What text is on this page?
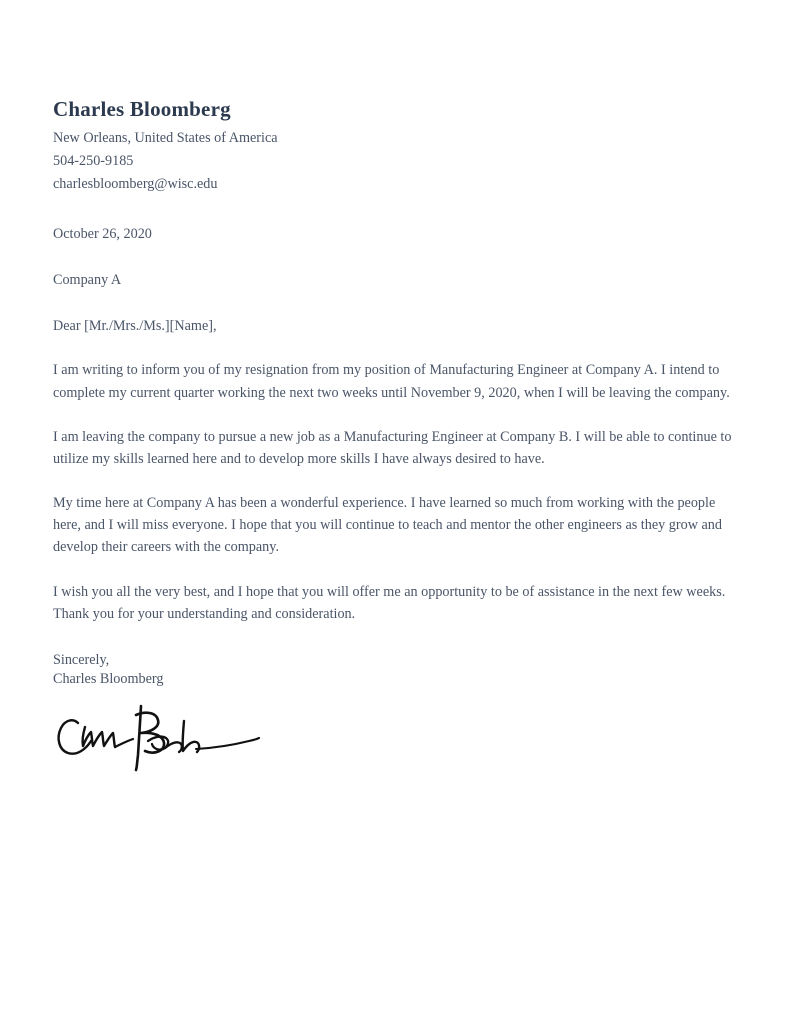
Charles Bloomberg

New Orleans, United States of America

504-250-9185

charlesbloomberg@wisc.edu

October 26, 2020

Company A

Dear [Mr./Mrs./Ms.][Name],

I am writing to inform you of my resignation from my position of Manufacturing Engineer at Company A. I intend to complete my current quarter working the next two weeks until November 9, 2020, when I will be leaving the company.

I am leaving the company to pursue a new job as a Manufacturing Engineer at Company B. I will be able to continue to utilize my skills learned here and to develop more skills I have always desired to have.

My time here at Company A has been a wonderful experience. I have learned so much from working with the people here, and I will miss everyone. I hope that you will continue to teach and mentor the other engineers as they grow and develop their careers with the company.

I wish you all the very best, and I hope that you will offer me an opportunity to be of assistance in the next few weeks. Thank you for your understanding and consideration.

Sincerely,

Charles Bloomberg
